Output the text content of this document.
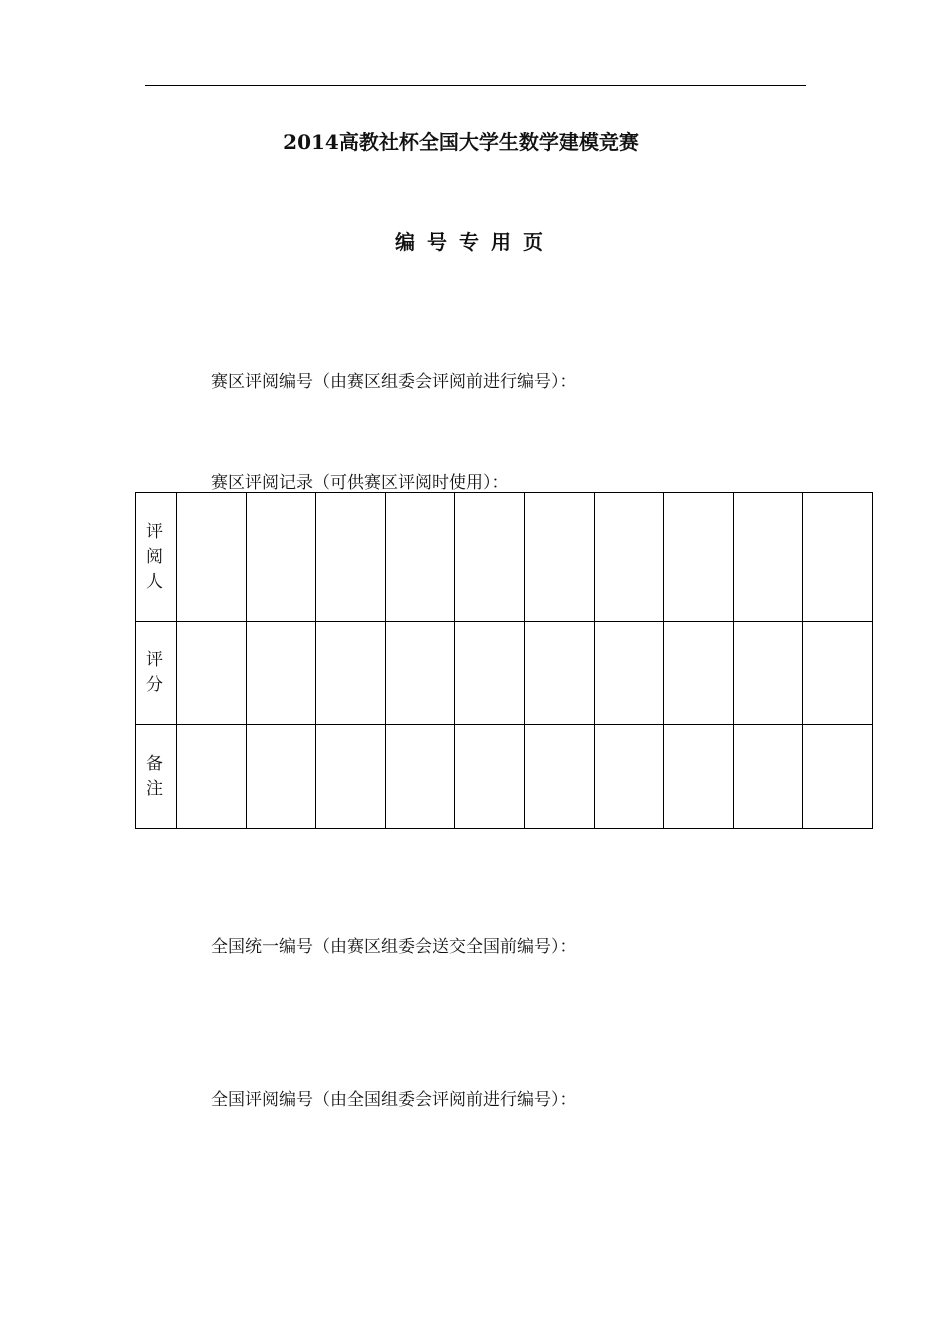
2014高教社杯全国大学生数学建模竞赛
编号专用页
赛区评阅编号（由赛区组委会评阅前进行编号）：
赛区评阅记录（可供赛区评阅时使用）：
评阅人										

评分										

备注										

全国统一编号（由赛区组委会送交全国前编号）：
全国评阅编号（由全国组委会评阅前进行编号）：
